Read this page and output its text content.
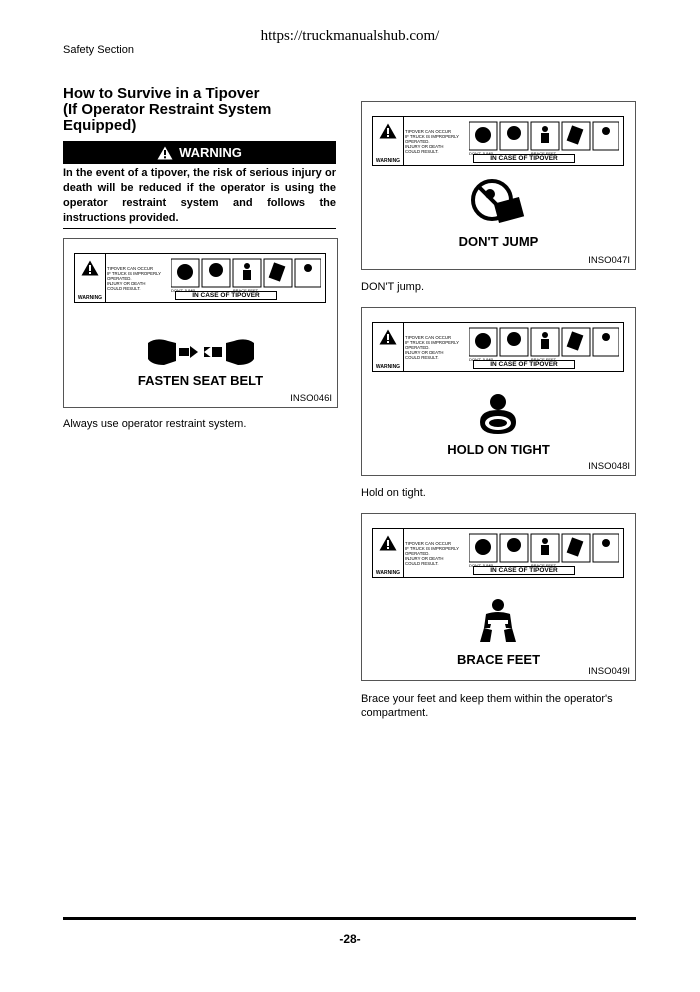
https://truckmanualshub.com/
Safety Section
How to Survive in a Tipover
(If Operator Restraint System
Equipped)
WARNING
In the event of a tipover, the risk of serious injury or death will be reduced if the operator is using the operator restraint system and follows the instructions provided.
WARNING
TIPOVER CAN OCCUR
IF TRUCK IS IMPROPERLY
OPERATED.
INJURY OR DEATH
COULD RESULT.
IN CASE OF TIPOVER
DON'T JUMP	BRACE FEET
FASTEN SEAT BELT
INSO046I
Always use operator restraint system.
WARNING
TIPOVER CAN OCCUR
IF TRUCK IS IMPROPERLY
OPERATED.
INJURY OR DEATH
COULD RESULT.
IN CASE OF TIPOVER
DON'T JUMP	BRACE FEET
DON'T JUMP
INSO047I
DON'T jump.
WARNING
TIPOVER CAN OCCUR
IF TRUCK IS IMPROPERLY
OPERATED.
INJURY OR DEATH
COULD RESULT.
IN CASE OF TIPOVER
DON'T JUMP	BRACE FEET
HOLD ON TIGHT
INSO048I
Hold on tight.
WARNING
TIPOVER CAN OCCUR
IF TRUCK IS IMPROPERLY
OPERATED.
INJURY OR DEATH
COULD RESULT.
IN CASE OF TIPOVER
DON'T JUMP	BRACE FEET
BRACE FEET
INSO049I
Brace your feet and keep them within the operator's compartment.
-28-
